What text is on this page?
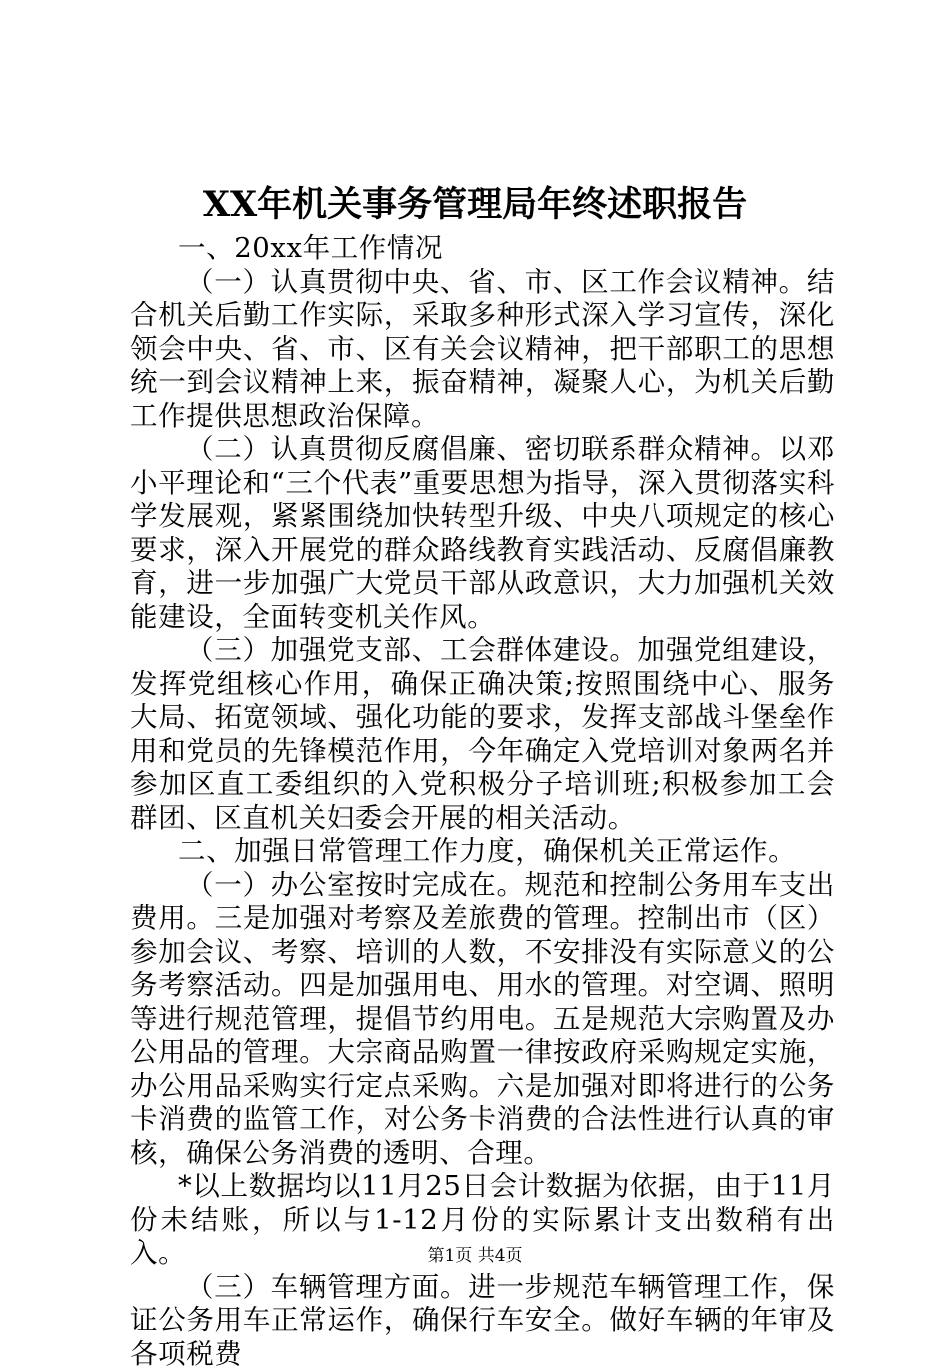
XX年机关事务管理局年终述职报告

一、20xx年工作情况

（一）认真贯彻中央、省、市、区工作会议精神。结合机关后勤工作实际，采取多种形式深入学习宣传，深化领会中央、省、市、区有关会议精神，把干部职工的思想统一到会议精神上来，振奋精神，凝聚人心，为机关后勤工作提供思想政治保障。

（二）认真贯彻反腐倡廉、密切联系群众精神。以邓小平理论和“三个代表”重要思想为指导，深入贯彻落实科学发展观，紧紧围绕加快转型升级、中央八项规定的核心要求，深入开展党的群众路线教育实践活动、反腐倡廉教育，进一步加强广大党员干部从政意识，大力加强机关效能建设，全面转变机关作风。

（三）加强党支部、工会群体建设。加强党组建设，发挥党组核心作用，确保正确决策;按照围绕中心、服务大局、拓宽领域、强化功能的要求，发挥支部战斗堡垒作用和党员的先锋模范作用，今年确定入党培训对象两名并参加区直工委组织的入党积极分子培训班;积极参加工会群团、区直机关妇委会开展的相关活动。

二、加强日常管理工作力度，确保机关正常运作。

（一）办公室按时完成在。规范和控制公务用车支出费用。三是加强对考察及差旅费的管理。控制出市（区）参加会议、考察、培训的人数，不安排没有实际意义的公务考察活动。四是加强用电、用水的管理。对空调、照明等进行规范管理，提倡节约用电。五是规范大宗购置及办公用品的管理。大宗商品购置一律按政府采购规定实施，办公用品采购实行定点采购。六是加强对即将进行的公务卡消费的监管工作，对公务卡消费的合法性进行认真的审核，确保公务消费的透明、合理。

*以上数据均以11月25日会计数据为依据，由于11月份未结账，所以与1-12月份的实际累计支出数稍有出入。

（三）车辆管理方面。进一步规范车辆管理工作，保证公务用车正常运作，确保行车安全。做好车辆的年审及各项税费

第1页 共4页
